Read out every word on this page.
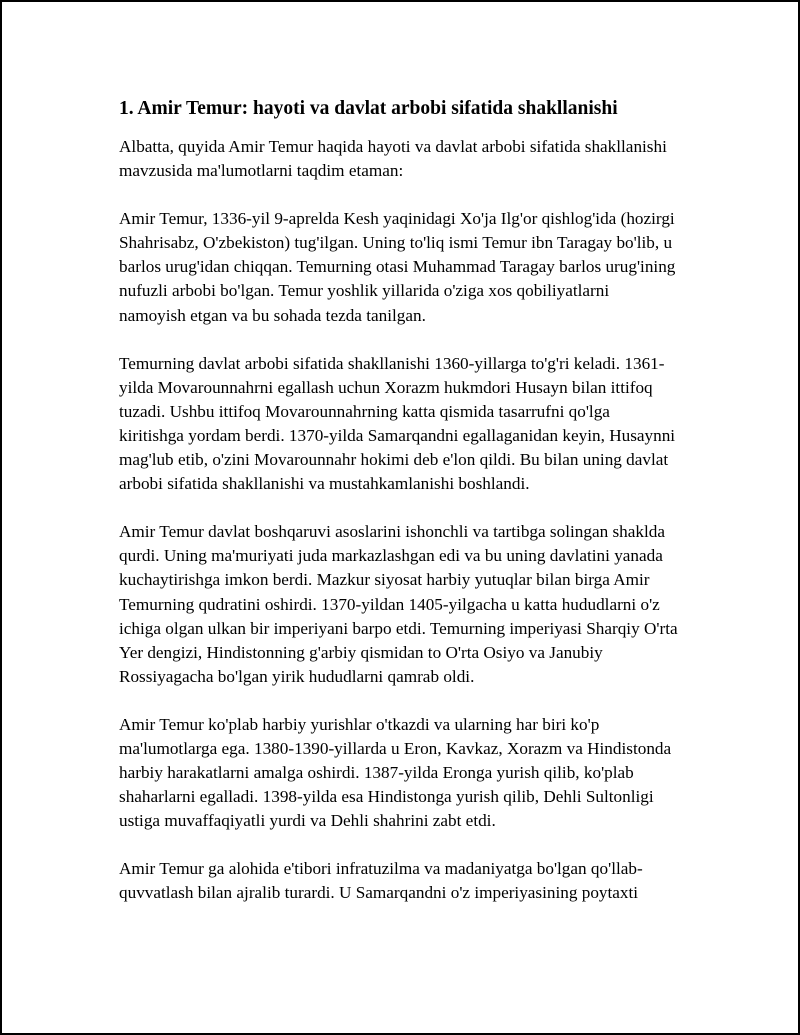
1. Amir Temur: hayoti va davlat arbobi sifatida shakllanishi

Albatta, quyida Amir Temur haqida hayoti va davlat arbobi sifatida shakllanishi mavzusida ma'lumotlarni taqdim etaman:

Amir Temur, 1336-yil 9-aprelda Kesh yaqinidagi Xo'ja Ilg'or qishlog'ida (hozirgi Shahrisabz, O'zbekiston) tug'ilgan. Uning to'liq ismi Temur ibn Taragay bo'lib, u barlos urug'idan chiqqan. Temurning otasi Muhammad Taragay barlos urug'ining nufuzli arbobi bo'lgan. Temur yoshlik yillarida o'ziga xos qobiliyatlarni namoyish etgan va bu sohada tezda tanilgan.

Temurning davlat arbobi sifatida shakllanishi 1360-yillarga to'g'ri keladi. 1361-yilda Movarounnahrni egallash uchun Xorazm hukmdori Husayn bilan ittifoq tuzadi. Ushbu ittifoq Movarounnahrning katta qismida tasarrufni qo'lga kiritishga yordam berdi. 1370-yilda Samarqandni egallaganidan keyin, Husaynni mag'lub etib, o'zini Movarounnahr hokimi deb e'lon qildi. Bu bilan uning davlat arbobi sifatida shakllanishi va mustahkamlanishi boshlandi.

Amir Temur davlat boshqaruvi asoslarini ishonchli va tartibga solingan shaklda qurdi. Uning ma'muriyati juda markazlashgan edi va bu uning davlatini yanada kuchaytirishga imkon berdi. Mazkur siyosat harbiy yutuqlar bilan birga Amir Temurning qudratini oshirdi. 1370-yildan 1405-yilgacha u katta hududlarni o'z ichiga olgan ulkan bir imperiyani barpo etdi. Temurning imperiyasi Sharqiy O'rta Yer dengizi, Hindistonning g'arbiy qismidan to O'rta Osiyo va Janubiy Rossiyagacha bo'lgan yirik hududlarni qamrab oldi.

Amir Temur ko'plab harbiy yurishlar o'tkazdi va ularning har biri ko'p ma'lumotlarga ega. 1380-1390-yillarda u Eron, Kavkaz, Xorazm va Hindistonda harbiy harakatlarni amalga oshirdi. 1387-yilda Eronga yurish qilib, ko'plab shaharlarni egalladi. 1398-yilda esa Hindistonga yurish qilib, Dehli Sultonligi ustiga muvaffaqiyatli yurdi va Dehli shahrini zabt etdi.

Amir Temur ga alohida e'tibori infratuzilma va madaniyatga bo'lgan qo'llab-quvvatlash bilan ajralib turardi. U Samarqandni o'z imperiyasining poytaxti
